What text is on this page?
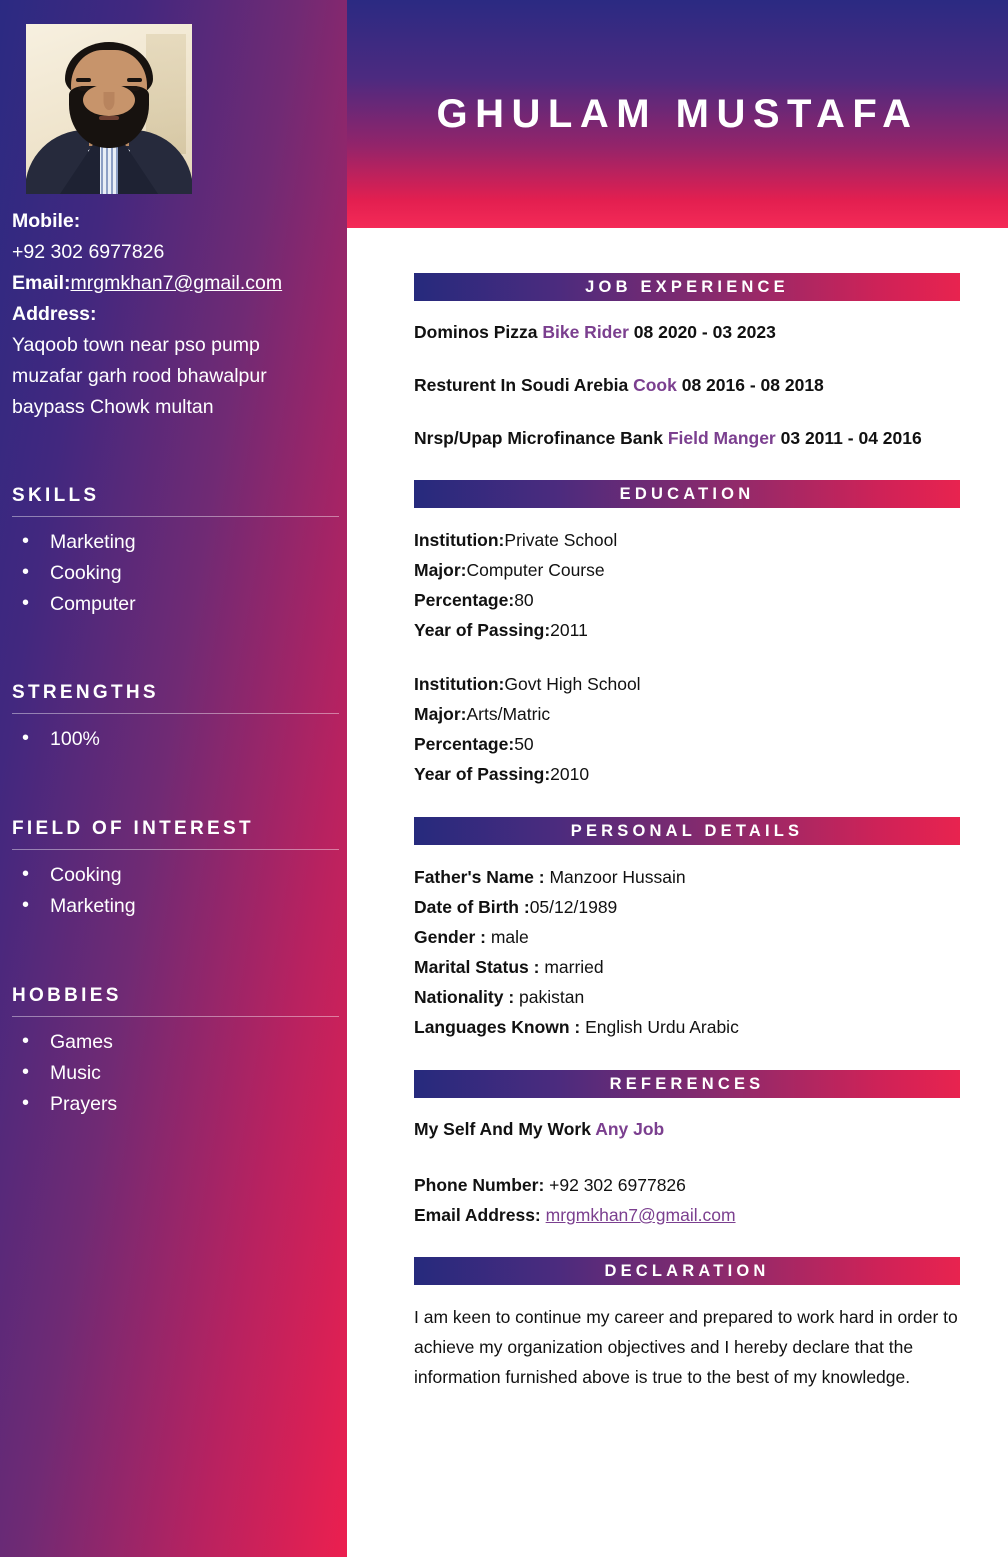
Mobile:
+92 302 6977826
Email:mrgmkhan7@gmail.com
Address:
Yaqoob town near pso pump
muzafar garh rood bhawalpur
baypass Chowk multan
SKILLS
• Marketing
• Cooking
• Computer
STRENGTHS
• 100%
FIELD OF INTEREST
• Cooking
• Marketing
HOBBIES
• Games
• Music
• Prayers
GHULAM MUSTAFA
JOB EXPERIENCE
Dominos Pizza Bike Rider 08 2020 - 03 2023
Resturent In Soudi Arebia Cook 08 2016 - 08 2018
Nrsp/Upap Microfinance Bank Field Manger 03 2011 - 04 2016
EDUCATION
Institution:Private School
Major:Computer Course
Percentage:80
Year of Passing:2011
Institution:Govt High School
Major:Arts/Matric
Percentage:50
Year of Passing:2010
PERSONAL DETAILS
Father's Name : Manzoor Hussain
Date of Birth :05/12/1989
Gender : male
Marital Status : married
Nationality : pakistan
Languages Known : English Urdu Arabic
REFERENCES
My Self And My Work Any Job
Phone Number: +92 302 6977826
Email Address: mrgmkhan7@gmail.com
DECLARATION

I am keen to continue my career and prepared to work hard in order to achieve my organization objectives and I hereby declare that the information furnished above is true to the best of my knowledge.
